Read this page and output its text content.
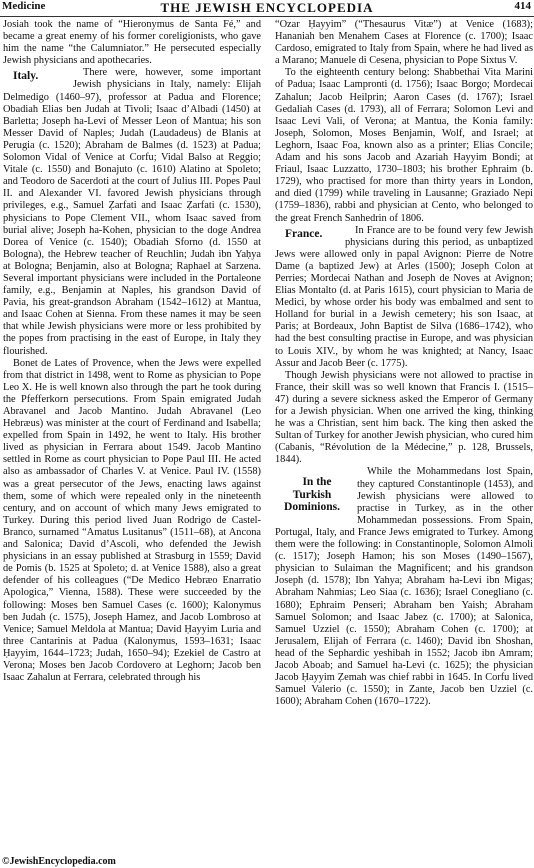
Medicine	THE JEWISH ENCYCLOPEDIA	414

Josiah took the name of “Hieronymus de Santa Fé,” and became a great enemy of his former coreligionists, who gave him the name “the Calumniator.” He persecuted especially Jewish physicians and apothecaries.

Italy.	There were, however, some important Jewish physicians in Italy, namely: Elijah Delmedigo (1460–97), professor at Padua and Florence; Obadiah Elias ben Judah at Tivoli; Isaac d’Albadi (1450) at Barletta; Joseph ha-Levi of Messer Leon of Mantua; his son Messer David of Naples; Judah (Laudadeus) de Blanis at Perugia (c. 1520); Abraham de Balmes (d. 1523) at Padua; Solomon Vidal of Venice at Corfu; Vidal Balso at Reggio; Vitale (c. 1550) and Bonajuto (c. 1610) Alatino at Spoleto; and Teodoro de Sacerdoti at the court of Julius III. Popes Paul II. and Alexander VI. favored Jewish physicians through privileges, e.g., Samuel Ẓarfati and Isaac Ẓarfati (c. 1530), physicians to Pope Clement VII., whom Isaac saved from burial alive; Joseph ha-Kohen, physician to the doge Andrea Dorea of Venice (c. 1540); Obadiah Sforno (d. 1550 at Bologna), the Hebrew teacher of Reuchlin; Judah ibn Yaḥya at Bologna; Benjamin, also at Bologna; Raphael at Sarzena. Several important physicians were included in the Portaleone family, e.g., Benjamin at Naples, his grandson David of Pavia, his great-grandson Abraham (1542–1612) at Mantua, and Isaac Cohen at Sienna. From these names it may be seen that while Jewish physicians were more or less prohibited by the popes from practising in the east of Europe, in Italy they flourished.

Bonet de Lates of Provence, when the Jews were expelled from that district in 1498, went to Rome as physician to Pope Leo X. He is well known also through the part he took during the Pfefferkorn persecutions. From Spain emigrated Judah Abravanel and Jacob Mantino. Judah Abravanel (Leo Hebræus) was minister at the court of Ferdinand and Isabella; expelled from Spain in 1492, he went to Italy. His brother lived as physician in Ferrara about 1549. Jacob Mantino settled in Rome as court physician to Pope Paul III. He acted also as ambassador of Charles V. at Venice. Paul IV. (1558) was a great persecutor of the Jews, enacting laws against them, some of which were repealed only in the nineteenth century, and on account of which many Jews emigrated to Turkey. During this period lived Juan Rodrigo de Castel-Branco, surnamed “Amatus Lusitanus” (1511–68), at Ancona and Salonica; David d’Ascoli, who defended the Jewish physicians in an essay published at Strasburg in 1559; David de Pomis (b. 1525 at Spoleto; d. at Venice 1588), also a great defender of his colleagues (“De Medico Hebræo Enarratio Apologica,” Vienna, 1588). These were succeeded by the following: Moses ben Samuel Cases (c. 1600); Kalonymus ben Judah (c. 1575), Joseph Hamez, and Jacob Lombroso at Venice; Samuel Meldola at Mantua; David Ḥayyim Luria and three Cantarinis at Padua (Kalonymus, 1593–1631; Isaac Ḥayyim, 1644–1723; Judah, 1650–94); Ezekiel de Castro at Verona; Moses ben Jacob Cordovero at Leghorn; Jacob ben Isaac Zahalun at Ferrara, celebrated through his

“Ozar Ḥayyim” (“Thesaurus Vitæ”) at Venice (1683); Hananiah ben Menahem Cases at Florence (c. 1700); Isaac Cardoso, emigrated to Italy from Spain, where he had lived as a Marano; Manuele di Cesena, physician to Pope Sixtus V.

To the eighteenth century belong: Shabbethai Vita Marini of Padua; Isaac Lampronti (d. 1756); Isaac Borgo; Mordecai Zahalun; Jacob Heilprin; Aaron Cases (d. 1767); Israel Gedaliah Cases (d. 1793), all of Ferrara; Solomon Levi and Isaac Levi Vali, of Verona; at Mantua, the Konia family: Joseph, Solomon, Moses Benjamin, Wolf, and Israel; at Leghorn, Isaac Foa, known also as a printer; Elias Concile; Adam and his sons Jacob and Azariah Hayyim Bondi; at Friaul, Isaac Luzzatto, 1730–1803; his brother Ephraim (b. 1729), who practised for more than thirty years in London, and died (1799) while traveling in Lausanne; Graziado Nepi (1759–1836), rabbi and physician at Cento, who belonged to the great French Sanhedrin of 1806.

France.	In France are to be found very few Jewish physicians during this period, as unbaptized Jews were allowed only in papal Avignon: Pierre de Notre Dame (a baptized Jew) at Arles (1500); Joseph Colon at Perries; Mordecai Nathan and Joseph de Noves at Avignon; Elias Montalto (d. at Paris 1615), court physician to Maria de Medici, by whose order his body was embalmed and sent to Holland for burial in a Jewish cemetery; his son Isaac, at Paris; at Bordeaux, John Baptist de Silva (1686–1742), who had the best consulting practise in Europe, and was physician to Louis XIV., by whom he was knighted; at Nancy, Isaac Assur and Jacob Beer (c. 1775).

Though Jewish physicians were not allowed to practise in France, their skill was so well known that Francis I. (1515–47) during a severe sickness asked the Emperor of Germany for a Jewish physician. When one arrived the king, thinking he was a Christian, sent him back. The king then asked the Sultan of Turkey for another Jewish physician, who cured him (Cabanis, “Révolution de la Médecine,” p. 128, Brussels, 1844).

In the Turkish Dominions.
While the Mohammedans lost Spain, they captured Constantinople (1453), and Jewish physicians were allowed to practise in Turkey, as in the other Mohammedan possessions. From Spain, Portugal, Italy, and France Jews emigrated to Turkey. Among them were the following: in Constantinople, Solomon Almoli (c. 1517); Joseph Hamon; his son Moses (1490–1567), physician to Sulaiman the Magnificent; and his grandson Joseph (d. 1578); Ibn Yahya; Abraham ha-Levi ibn Migas; Abraham Nahmias; Leo Siaa (c. 1636); Israel Conegliano (c. 1680); Ephraim Penseri; Abraham ben Yaish; Abraham Samuel Solomon; and Isaac Jabez (c. 1700); at Salonica, Samuel Uzziel (c. 1550); Abraham Cohen (c. 1700); at Jerusalem, Elijah of Ferrara (c. 1460); David ibn Shoshan, head of the Sephardic yeshibah in 1552; Jacob ibn Amram; Jacob Aboab; and Samuel ha-Levi (c. 1625); the physician Jacob Ḥayyim Ẓemah was chief rabbi in 1645. In Corfu lived Samuel Valerio (c. 1550); in Zante, Jacob ben Uzziel (c. 1600); Abraham Cohen (1670–1722).

©JewishEncyclopedia.com
